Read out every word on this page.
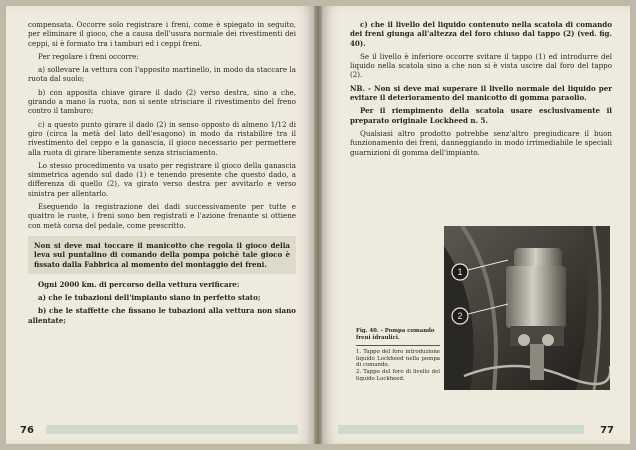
compensata. Occorre solo registrare i freni, come è spiegato in seguito, per eliminare il gioco, che a causa dell'usura normale dei rivestimenti dei ceppi, si è formato tra i tamburi ed i ceppi freni.

Per regolare i freni occorre:

a) sollevare la vettura con l'apposito martinello, in modo da staccare la ruota dal suolo;

b) con apposita chiave girare il dado (2) verso destra, sino a che, girando a mano la ruota, non si sente strisciare il rivestimento del freno contro il tamburo;

c) a questo punto girare il dado (2) in senso opposto di almeno 1/12 di giro (circa la metà del lato dell'esagono) in modo da ristabilire tra il rivestimento del ceppo e la ganascia, il gioco necessario per permettere alla ruota di girare liberamente senza strisciamento.

Lo stesso procedimento va usato per registrare il gioco della ganascia simmetrica agendo sul dado (1) e tenendo presente che questo dado, a differenza di quello (2), va girato verso destra per avvitarlo e verso sinistra per allentarlo.

Eseguendo la registrazione dei dadi successivamente per tutte e quattro le ruote, i freni sono ben registrati e l'azione frenante si ottiene con metà corsa del pedale, come prescritto.

Non si deve mai toccare il manicotto che regola il gioco della leva sul puntalino di comando della pompa poichè tale gioco è fissato dalla Fabbrica al momento del montaggio dei freni.

Ogni 2000 km. di percorso della vettura verificare:

a) che le tubazioni dell'impianto siano in perfetto stato;

b) che le staffette che fissano le tubazioni alla vettura non siano allentate;

76

c) che il livello del liquido contenuto nella scatola di comando dei freni giunga all'altezza del foro chiuso dal tappo (2) (ved. fig. 40).

Se il livello è inferiore occorre svitare il tappo (1) ed introdurre del liquido nella scatola sino a che non si è vista uscire dal foro del tappo (2).

NB. - Non si deve mai superare il livello normale del liquido per evitare il deterioramento del manicotto di gomma paraolio.

Per il riempimento della scatola usare esclusivamente il preparato originale Lockheed n. 5.

Qualsiasi altro prodotto potrebbe senz'altro pregiudicare il buon funzionamento dei freni, danneggiando in modo irrimediabile le speciali guarnizioni di gomma dell'impianto.

Fig. 40. - Pompa comando freni idraulici.

1. Tappo del foro introduzione liquido Lockheed nella pompa di comando.

2. Tappo del foro di livello del liquido Lockheed.

1
2
77
